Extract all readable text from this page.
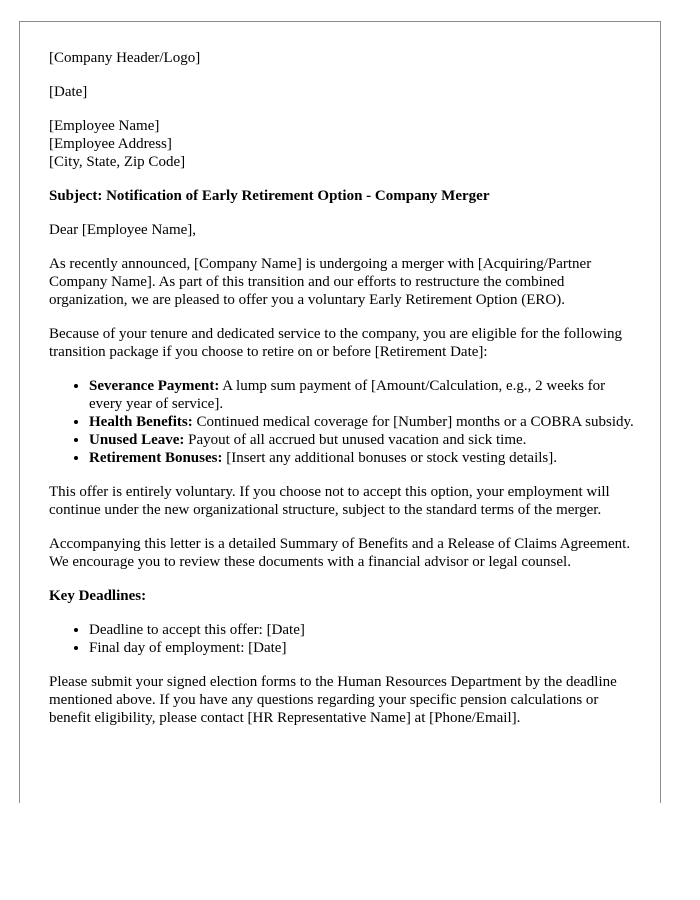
[Company Header/Logo]

[Date]

[Employee Name]
[Employee Address]
[City, State, Zip Code]

Subject: Notification of Early Retirement Option - Company Merger

Dear [Employee Name],

As recently announced, [Company Name] is undergoing a merger with [Acquiring/Partner Company Name]. As part of this transition and our efforts to restructure the combined organization, we are pleased to offer you a voluntary Early Retirement Option (ERO).

Because of your tenure and dedicated service to the company, you are eligible for the following transition package if you choose to retire on or before [Retirement Date]:

• Severance Payment: A lump sum payment of [Amount/Calculation, e.g., 2 weeks for every year of service].
• Health Benefits: Continued medical coverage for [Number] months or a COBRA subsidy.
• Unused Leave: Payout of all accrued but unused vacation and sick time.
• Retirement Bonuses: [Insert any additional bonuses or stock vesting details].

This offer is entirely voluntary. If you choose not to accept this option, your employment will continue under the new organizational structure, subject to the standard terms of the merger.

Accompanying this letter is a detailed Summary of Benefits and a Release of Claims Agreement. We encourage you to review these documents with a financial advisor or legal counsel.

Key Deadlines:

• Deadline to accept this offer: [Date]
• Final day of employment: [Date]

Please submit your signed election forms to the Human Resources Department by the deadline mentioned above. If you have any questions regarding your specific pension calculations or benefit eligibility, please contact [HR Representative Name] at [Phone/Email].
